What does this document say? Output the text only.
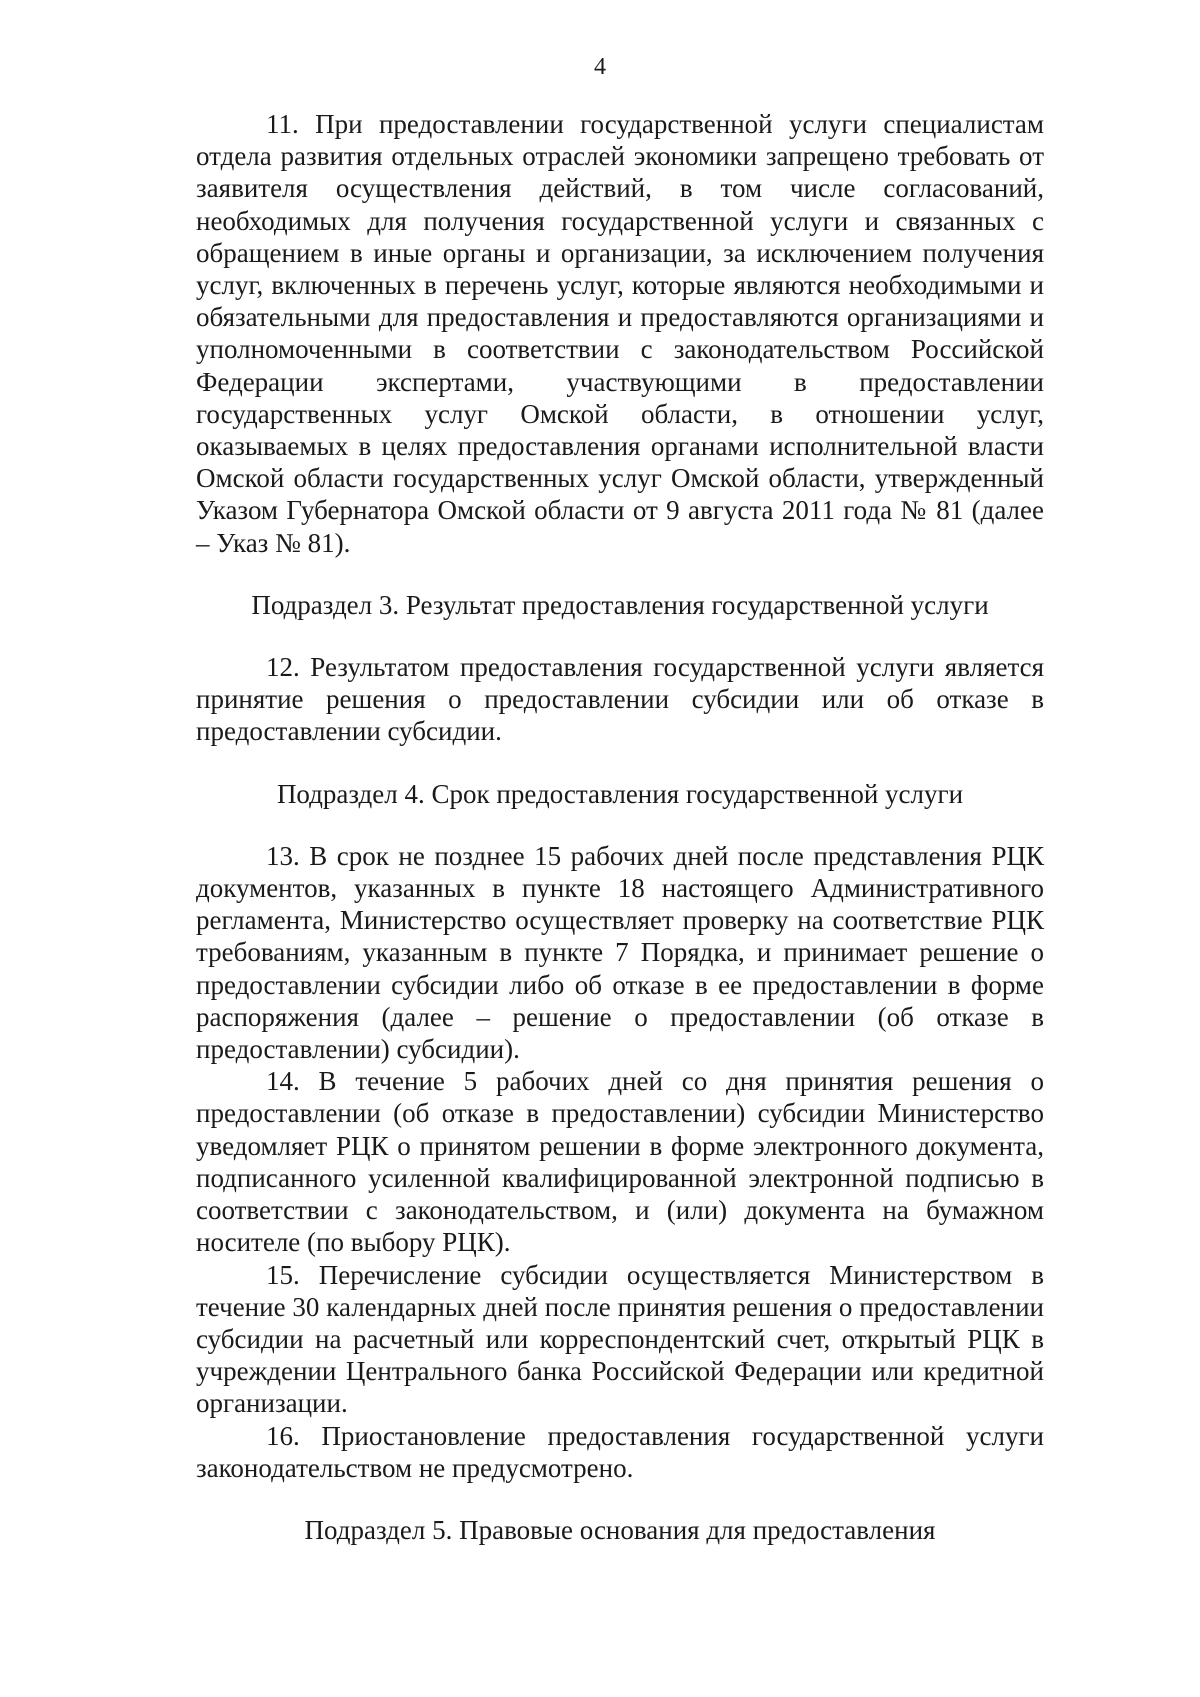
4

11. При предоставлении государственной услуги специалистам отдела развития отдельных отраслей экономики запрещено требовать от заявителя осуществления действий, в том числе согласований, необходимых для получения государственной услуги и связанных с обращением в иные органы и организации, за исключением получения услуг, включенных в перечень услуг, которые являются необходимыми и обязательными для предоставления и предоставляются организациями и уполномоченными в соответствии с законодательством Российской Федерации экспертами, участвующими в предоставлении государственных услуг Омской области, в отношении услуг, оказываемых в целях предоставления органами исполнительной власти Омской области государственных услуг Омской области, утвержденный Указом Губернатора Омской области от 9 августа 2011 года № 81 (далее – Указ № 81).

Подраздел 3. Результат предоставления государственной услуги

12. Результатом предоставления государственной услуги является принятие решения о предоставлении субсидии или об отказе в предоставлении субсидии.

Подраздел 4. Срок предоставления государственной услуги

13. В срок не позднее 15 рабочих дней после представления РЦК документов, указанных в пункте 18 настоящего Административного регламента, Министерство осуществляет проверку на соответствие РЦК требованиям, указанным в пункте 7 Порядка, и принимает решение о предоставлении субсидии либо об отказе в ее предоставлении в форме распоряжения (далее – решение о предоставлении (об отказе в предоставлении) субсидии).

14. В течение 5 рабочих дней со дня принятия решения о предоставлении (об отказе в предоставлении) субсидии Министерство уведомляет РЦК о принятом решении в форме электронного документа, подписанного усиленной квалифицированной электронной подписью в соответствии с законодательством, и (или) документа на бумажном носителе (по выбору РЦК).

15. Перечисление субсидии осуществляется Министерством в течение 30 календарных дней после принятия решения о предоставлении субсидии на расчетный или корреспондентский счет, открытый РЦК в учреждении Центрального банка Российской Федерации или кредитной организации.

16. Приостановление предоставления государственной услуги законодательством не предусмотрено.

Подраздел 5. Правовые основания для предоставления
